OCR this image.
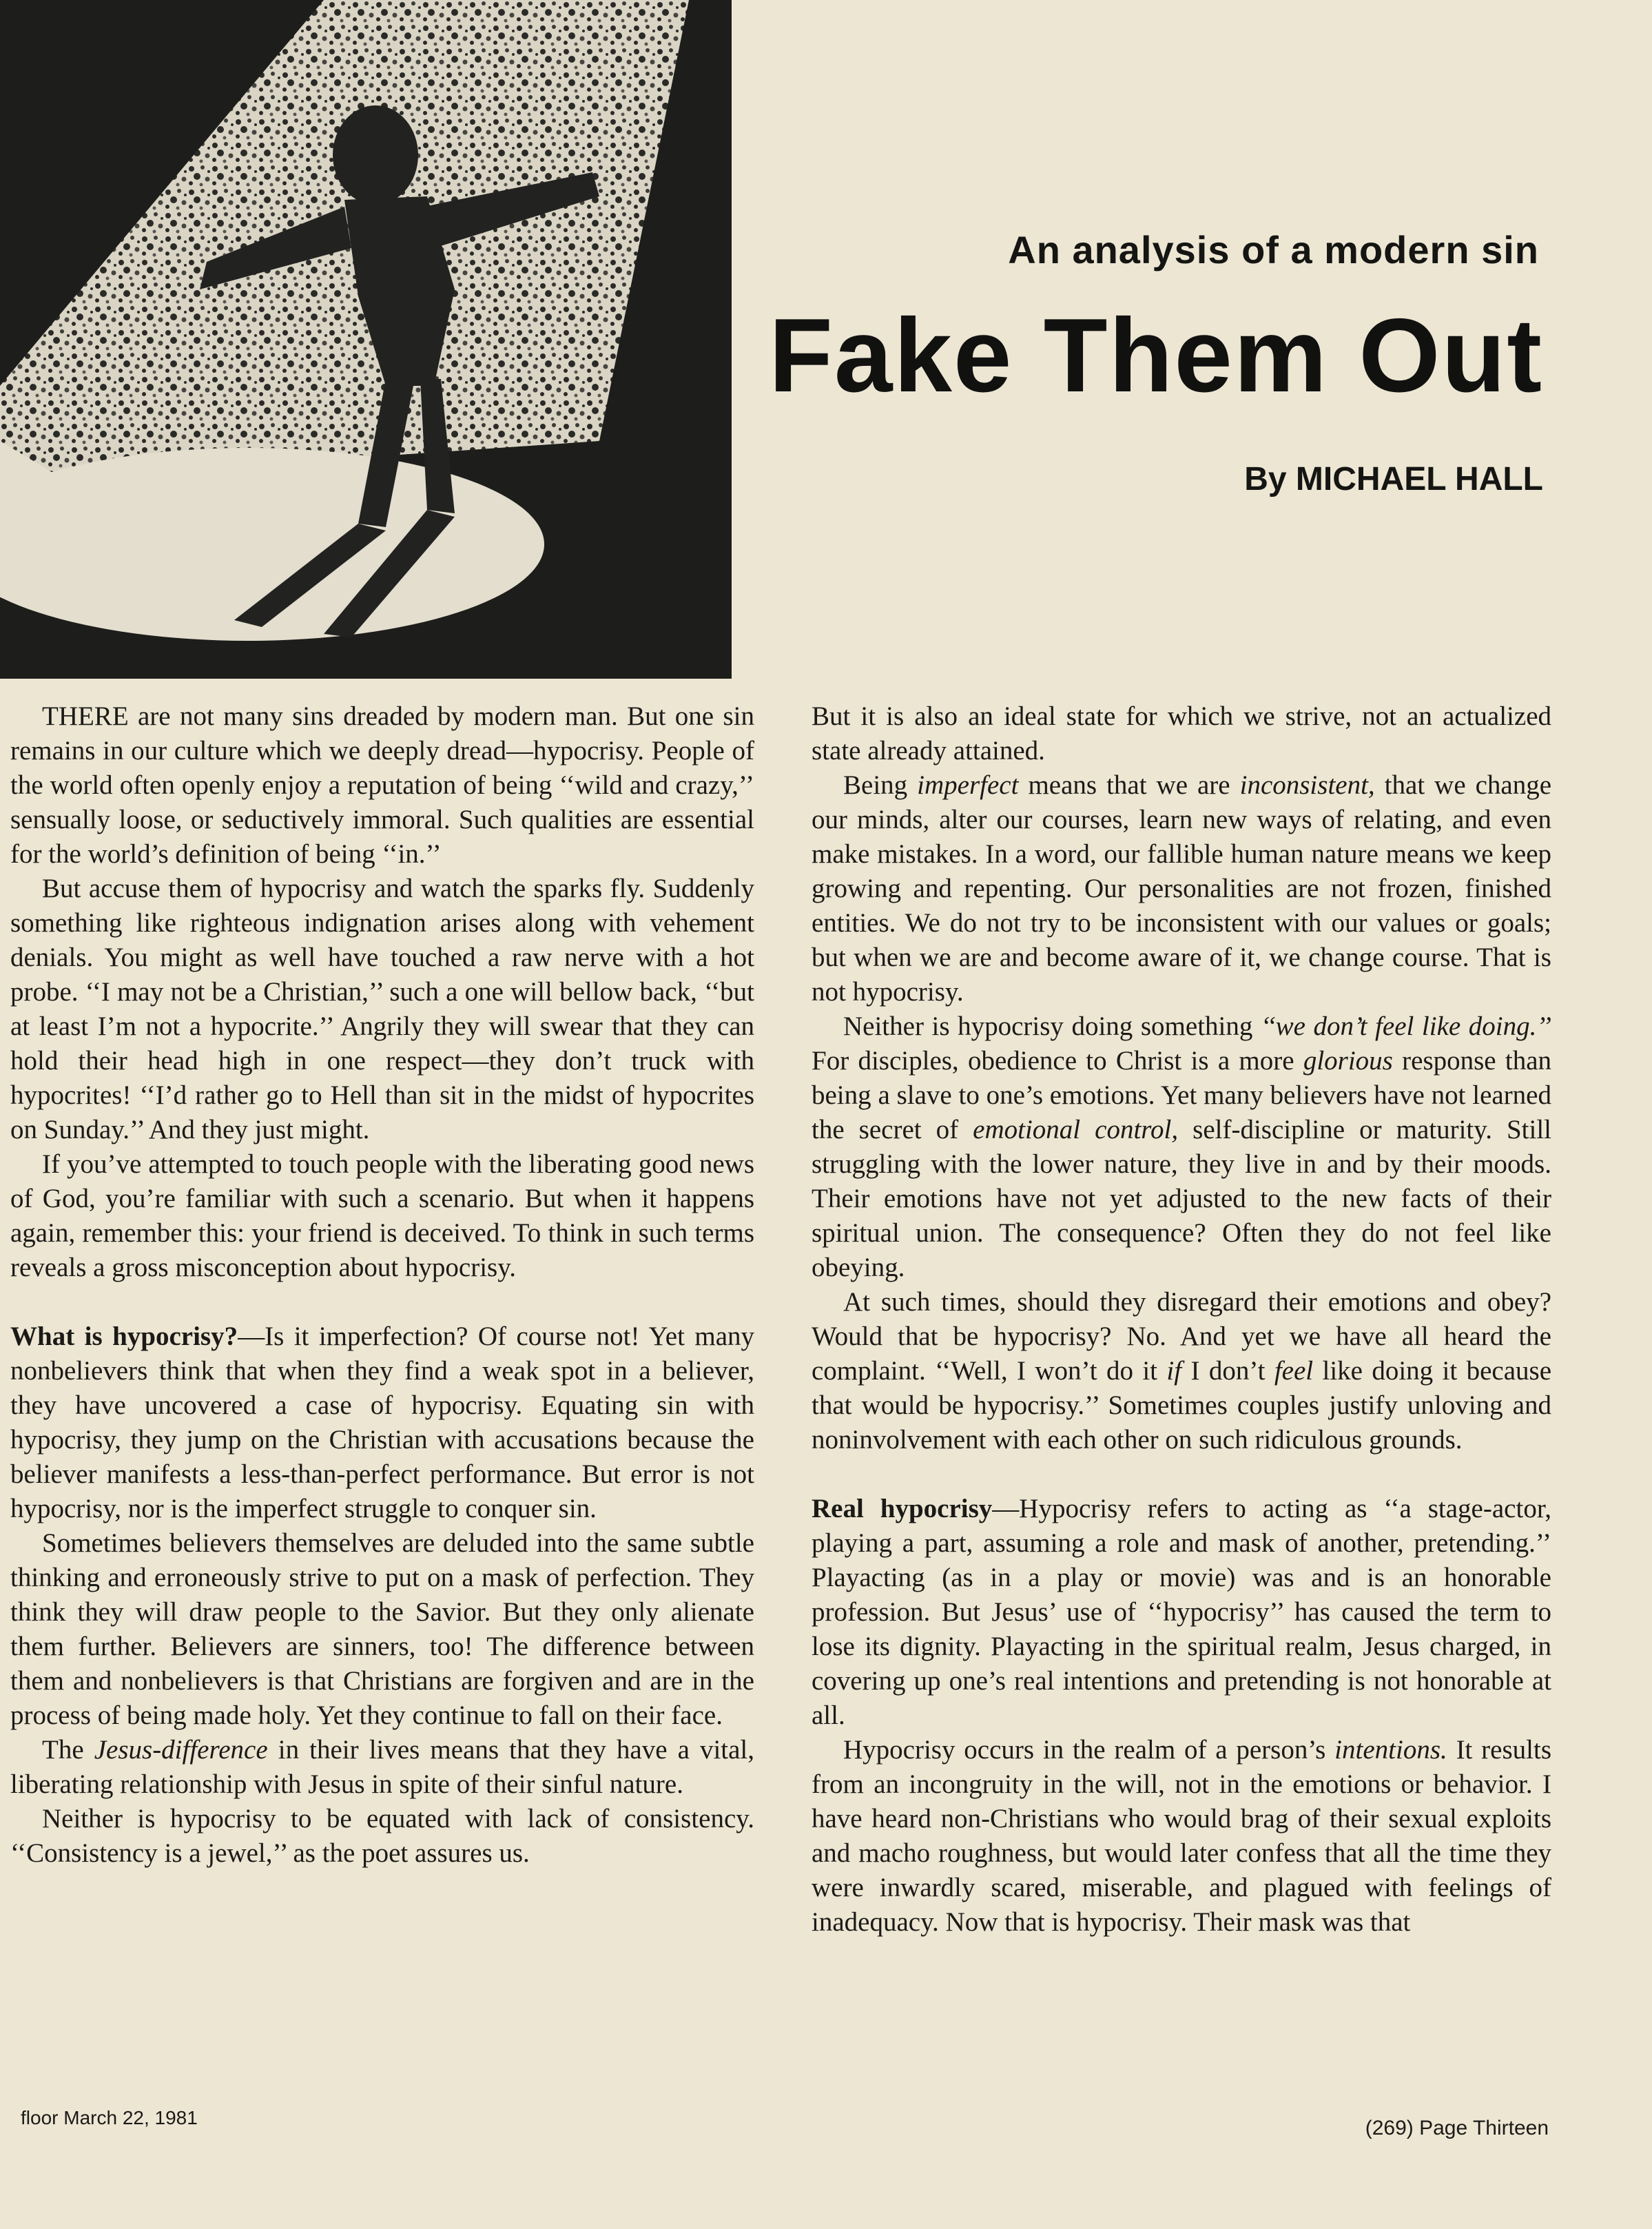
An analysis of a modern sin
Fake Them Out
By MICHAEL HALL

THERE are not many sins dreaded by modern man. But one sin remains in our culture which we deeply dread—hypocrisy. People of the world often openly enjoy a reputation of being ‘‘wild and crazy,’’ sensually loose, or seductively immoral. Such qualities are essential for the world’s definition of being ‘‘in.’’

But accuse them of hypocrisy and watch the sparks fly. Suddenly something like righteous indignation arises along with vehement denials. You might as well have touched a raw nerve with a hot probe. ‘‘I may not be a Christian,’’ such a one will bellow back, ‘‘but at least I’m not a hypocrite.’’ Angrily they will swear that they can hold their head high in one respect—they don’t truck with hypocrites! ‘‘I’d rather go to Hell than sit in the midst of hypocrites on Sunday.’’ And they just might.

If you’ve attempted to touch people with the liberating good news of God, you’re familiar with such a scenario. But when it happens again, remember this: your friend is deceived. To think in such terms reveals a gross misconception about hypocrisy.

What is hypocrisy?—Is it imperfection? Of course not! Yet many nonbelievers think that when they find a weak spot in a believer, they have uncovered a case of hypocrisy. Equating sin with hypocrisy, they jump on the Christian with accusations because the believer manifests a less-than-perfect performance. But error is not hypocrisy, nor is the imperfect struggle to conquer sin.

Sometimes believers themselves are deluded into the same subtle thinking and erroneously strive to put on a mask of perfection. They think they will draw people to the Savior. But they only alienate them further. Believers are sinners, too! The difference between them and nonbelievers is that Christians are forgiven and are in the process of being made holy. Yet they continue to fall on their face.

The Jesus-difference in their lives means that they have a vital, liberating relationship with Jesus in spite of their sinful nature.

Neither is hypocrisy to be equated with lack of consistency. ‘‘Consistency is a jewel,’’ as the poet assures us.

But it is also an ideal state for which we strive, not an actualized state already attained.

Being imperfect means that we are inconsistent, that we change our minds, alter our courses, learn new ways of relating, and even make mistakes. In a word, our fallible human nature means we keep growing and repenting. Our personalities are not frozen, finished entities. We do not try to be inconsistent with our values or goals; but when we are and become aware of it, we change course. That is not hypocrisy.

Neither is hypocrisy doing something ‘‘we don’t feel like doing.’’ For disciples, obedience to Christ is a more glorious response than being a slave to one’s emotions. Yet many believers have not learned the secret of emotional control, self-discipline or maturity. Still struggling with the lower nature, they live in and by their moods. Their emotions have not yet adjusted to the new facts of their spiritual union. The consequence? Often they do not feel like obeying.

At such times, should they disregard their emotions and obey? Would that be hypocrisy? No. And yet we have all heard the complaint. ‘‘Well, I won’t do it if I don’t feel like doing it because that would be hypocrisy.’’ Sometimes couples justify unloving and noninvolvement with each other on such ridiculous grounds.

Real hypocrisy—Hypocrisy refers to acting as ‘‘a stage-actor, playing a part, assuming a role and mask of another, pretending.’’ Playacting (as in a play or movie) was and is an honorable profession. But Jesus’ use of ‘‘hypocrisy’’ has caused the term to lose its dignity. Playacting in the spiritual realm, Jesus charged, in covering up one’s real intentions and pretending is not honorable at all.

Hypocrisy occurs in the realm of a person’s intentions. It results from an incongruity in the will, not in the emotions or behavior. I have heard non-Christians who would brag of their sexual exploits and macho roughness, but would later confess that all the time they were inwardly scared, miserable, and plagued with feelings of inadequacy. Now that is hypocrisy. Their mask was that

floor March 22, 1981	(269) Page Thirteen
